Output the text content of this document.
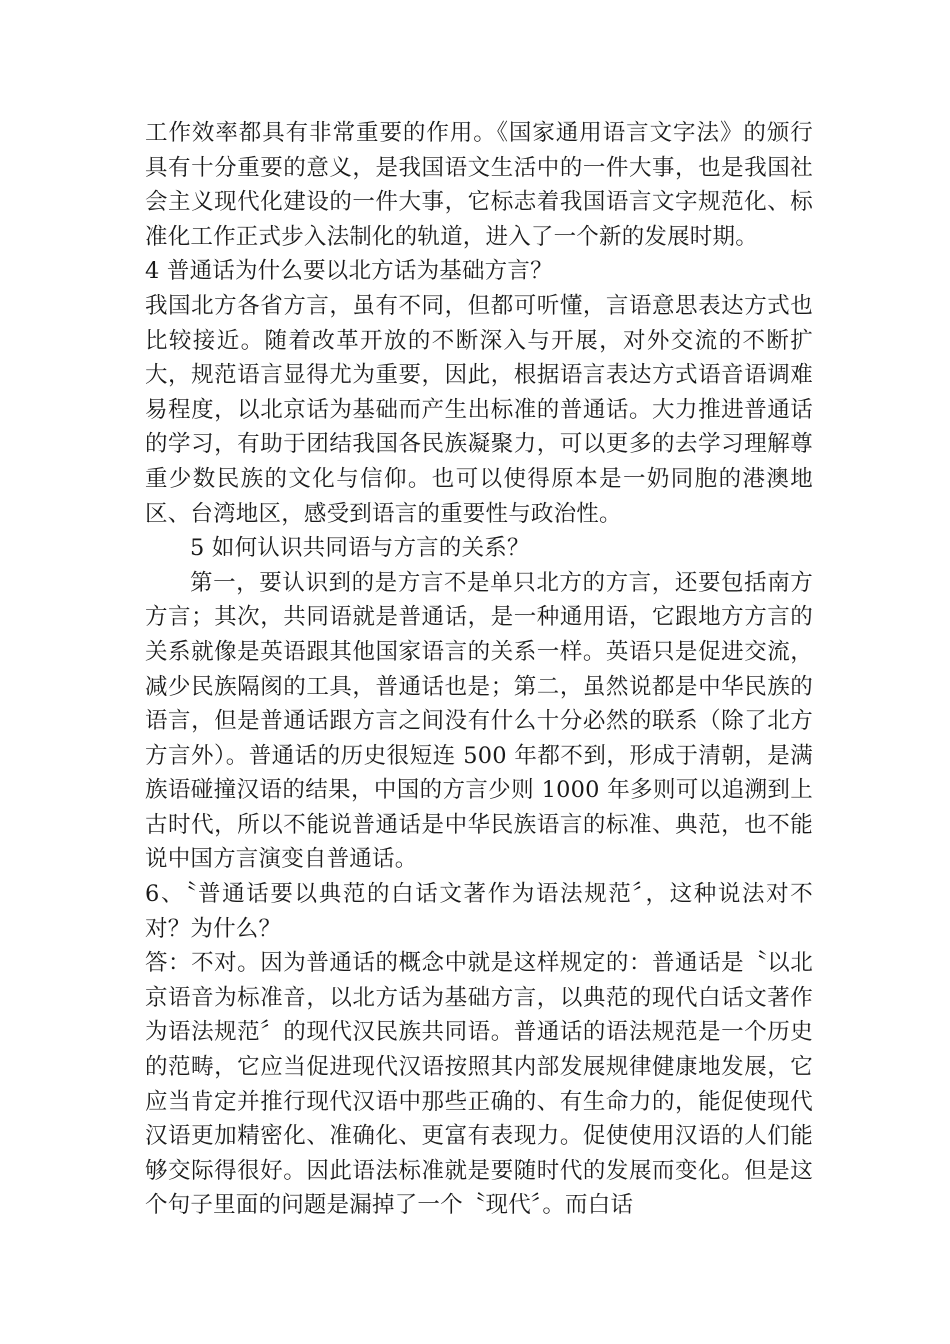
工作效率都具有非常重要的作用。《国家通用语言文字法》的颁行具有十分重要的意义，是我国语文生活中的一件大事，也是我国社会主义现代化建设的一件大事，它标志着我国语言文字规范化、标准化工作正式步入法制化的轨道，进入了一个新的发展时期。

4 普通话为什么要以北方话为基础方言？

我国北方各省方言，虽有不同，但都可听懂，言语意思表达方式也比较接近。随着改革开放的不断深入与开展，对外交流的不断扩大，规范语言显得尤为重要，因此，根据语言表达方式语音语调难易程度，以北京话为基础而产生出标准的普通话。大力推进普通话的学习，有助于团结我国各民族凝聚力，可以更多的去学习理解尊重少数民族的文化与信仰。也可以使得原本是一奶同胞的港澳地区、台湾地区，感受到语言的重要性与政治性。

5 如何认识共同语与方言的关系？

第一，要认识到的是方言不是单只北方的方言，还要包括南方方言；其次，共同语就是普通话，是一种通用语，它跟地方方言的关系就像是英语跟其他国家语言的关系一样。英语只是促进交流，减少民族隔阂的工具，普通话也是；第二，虽然说都是中华民族的语言，但是普通话跟方言之间没有什么十分必然的联系（除了北方方言外）。普通话的历史很短连 500 年都不到，形成于清朝，是满族语碰撞汉语的结果，中国的方言少则 1000 年多则可以追溯到上古时代，所以不能说普通话是中华民族语言的标准、典范，也不能说中国方言演变自普通话。

6、〝普通话要以典范的白话文著作为语法规范〞，这种说法对不对？为什么？

答：不对。因为普通话的概念中就是这样规定的：普通话是〝以北京语音为标准音，以北方话为基础方言，以典范的现代白话文著作为语法规范〞的现代汉民族共同语。普通话的语法规范是一个历史的范畴，它应当促进现代汉语按照其内部发展规律健康地发展，它应当肯定并推行现代汉语中那些正确的、有生命力的，能促使现代汉语更加精密化、准确化、更富有表现力。促使使用汉语的人们能够交际得很好。因此语法标准就是要随时代的发展而变化。但是这个句子里面的问题是漏掉了一个〝现代〞。而白话
